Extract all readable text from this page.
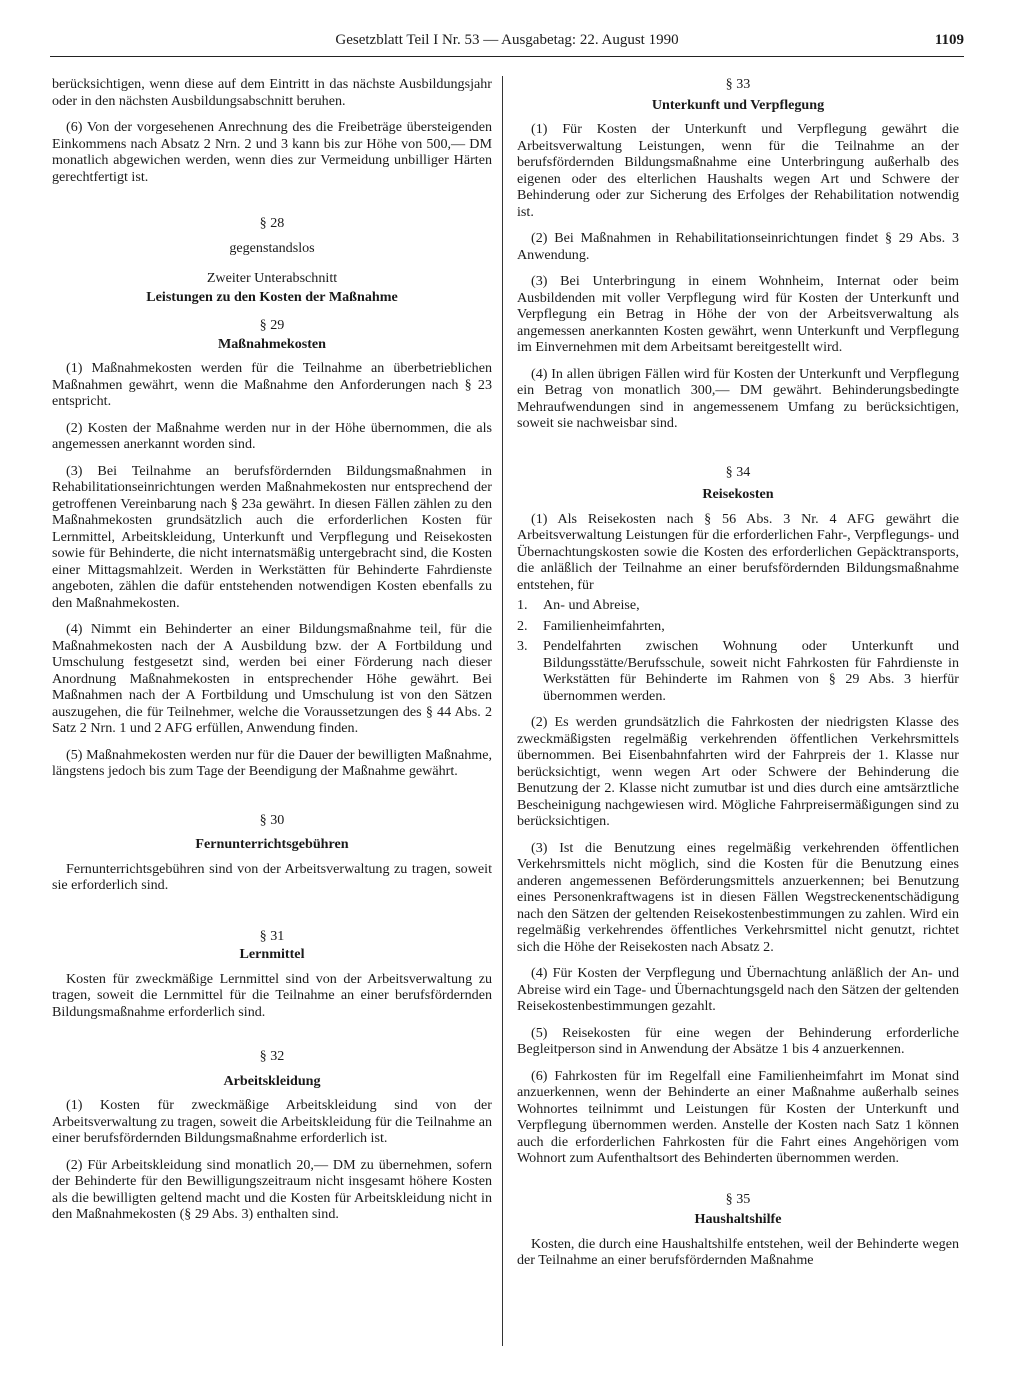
Gesetzblatt Teil I Nr. 53 — Ausgabetag: 22. August 1990	1109

berücksichtigen, wenn diese auf dem Eintritt in das nächste Ausbildungsjahr oder in den nächsten Ausbildungsabschnitt beruhen.

(6) Von der vorgesehenen Anrechnung des die Freibeträge übersteigenden Einkommens nach Absatz 2 Nrn. 2 und 3 kann bis zur Höhe von 500,— DM monatlich abgewichen werden, wenn dies zur Vermeidung unbilliger Härten gerechtfertigt ist.

§ 28
gegenstandslos
Zweiter Unterabschnitt
Leistungen zu den Kosten der Maßnahme
§ 29
Maßnahmekosten

(1) Maßnahmekosten werden für die Teilnahme an überbetrieblichen Maßnahmen gewährt, wenn die Maßnahme den Anforderungen nach § 23 entspricht.

(2) Kosten der Maßnahme werden nur in der Höhe übernommen, die als angemessen anerkannt worden sind.

(3) Bei Teilnahme an berufsfördernden Bildungsmaßnahmen in Rehabilitationseinrichtungen werden Maßnahmekosten nur entsprechend der getroffenen Vereinbarung nach § 23a gewährt. In diesen Fällen zählen zu den Maßnahmekosten grundsätzlich auch die erforderlichen Kosten für Lernmittel, Arbeitskleidung, Unterkunft und Verpflegung und Reisekosten sowie für Behinderte, die nicht internatsmäßig untergebracht sind, die Kosten einer Mittagsmahlzeit. Werden in Werkstätten für Behinderte Fahrdienste angeboten, zählen die dafür entstehenden notwendigen Kosten ebenfalls zu den Maßnahmekosten.

(4) Nimmt ein Behinderter an einer Bildungsmaßnahme teil, für die Maßnahmekosten nach der A Ausbildung bzw. der A Fortbildung und Umschulung festgesetzt sind, werden bei einer Förderung nach dieser Anordnung Maßnahmekosten in entsprechender Höhe gewährt. Bei Maßnahmen nach der A Fortbildung und Umschulung ist von den Sätzen auszugehen, die für Teilnehmer, welche die Voraussetzungen des § 44 Abs. 2 Satz 2 Nrn. 1 und 2 AFG erfüllen, Anwendung finden.

(5) Maßnahmekosten werden nur für die Dauer der bewilligten Maßnahme, längstens jedoch bis zum Tage der Beendigung der Maßnahme gewährt.

§ 30
Fernunterrichtsgebühren

Fernunterrichtsgebühren sind von der Arbeitsverwaltung zu tragen, soweit sie erforderlich sind.

§ 31
Lernmittel

Kosten für zweckmäßige Lernmittel sind von der Arbeitsverwaltung zu tragen, soweit die Lernmittel für die Teilnahme an einer berufsfördernden Bildungsmaßnahme erforderlich sind.

§ 32
Arbeitskleidung

(1) Kosten für zweckmäßige Arbeitskleidung sind von der Arbeitsverwaltung zu tragen, soweit die Arbeitskleidung für die Teilnahme an einer berufsfördernden Bildungsmaßnahme erforderlich ist.

(2) Für Arbeitskleidung sind monatlich 20,— DM zu übernehmen, sofern der Behinderte für den Bewilligungszeitraum nicht insgesamt höhere Kosten als die bewilligten geltend macht und die Kosten für Arbeitskleidung nicht in den Maßnahmekosten (§ 29 Abs. 3) enthalten sind.

§ 33
Unterkunft und Verpflegung

(1) Für Kosten der Unterkunft und Verpflegung gewährt die Arbeitsverwaltung Leistungen, wenn für die Teilnahme an der berufsfördernden Bildungsmaßnahme eine Unterbringung außerhalb des eigenen oder des elterlichen Haushalts wegen Art und Schwere der Behinderung oder zur Sicherung des Erfolges der Rehabilitation notwendig ist.

(2) Bei Maßnahmen in Rehabilitationseinrichtungen findet § 29 Abs. 3 Anwendung.

(3) Bei Unterbringung in einem Wohnheim, Internat oder beim Ausbildenden mit voller Verpflegung wird für Kosten der Unterkunft und Verpflegung ein Betrag in Höhe der von der Arbeitsverwaltung als angemessen anerkannten Kosten gewährt, wenn Unterkunft und Verpflegung im Einvernehmen mit dem Arbeitsamt bereitgestellt wird.

(4) In allen übrigen Fällen wird für Kosten der Unterkunft und Verpflegung ein Betrag von monatlich 300,— DM gewährt. Behinderungsbedingte Mehraufwendungen sind in angemessenem Umfang zu berücksichtigen, soweit sie nachweisbar sind.

§ 34
Reisekosten

(1) Als Reisekosten nach § 56 Abs. 3 Nr. 4 AFG gewährt die Arbeitsverwaltung Leistungen für die erforderlichen Fahr-, Verpflegungs- und Übernachtungskosten sowie die Kosten des erforderlichen Gepäcktransports, die anläßlich der Teilnahme an einer berufsfördernden Bildungsmaßnahme entstehen, für

1.	An- und Abreise,
2.	Familienheimfahrten,
3.	Pendelfahrten zwischen Wohnung oder Unterkunft und Bildungsstätte/Berufsschule, soweit nicht Fahrkosten für Fahrdienste in Werkstätten für Behinderte im Rahmen von § 29 Abs. 3 hierfür übernommen werden.

(2) Es werden grundsätzlich die Fahrkosten der niedrigsten Klasse des zweckmäßigsten regelmäßig verkehrenden öffentlichen Verkehrsmittels übernommen. Bei Eisenbahnfahrten wird der Fahrpreis der 1. Klasse nur berücksichtigt, wenn wegen Art oder Schwere der Behinderung die Benutzung der 2. Klasse nicht zumutbar ist und dies durch eine amtsärztliche Bescheinigung nachgewiesen wird. Mögliche Fahrpreisermäßigungen sind zu berücksichtigen.

(3) Ist die Benutzung eines regelmäßig verkehrenden öffentlichen Verkehrsmittels nicht möglich, sind die Kosten für die Benutzung eines anderen angemessenen Beförderungsmittels anzuerkennen; bei Benutzung eines Personenkraftwagens ist in diesen Fällen Wegstreckenentschädigung nach den Sätzen der geltenden Reisekostenbestimmungen zu zahlen. Wird ein regelmäßig verkehrendes öffentliches Verkehrsmittel nicht genutzt, richtet sich die Höhe der Reisekosten nach Absatz 2.

(4) Für Kosten der Verpflegung und Übernachtung anläßlich der An- und Abreise wird ein Tage- und Übernachtungsgeld nach den Sätzen der geltenden Reisekostenbestimmungen gezahlt.

(5) Reisekosten für eine wegen der Behinderung erforderliche Begleitperson sind in Anwendung der Absätze 1 bis 4 anzuerkennen.

(6) Fahrkosten für im Regelfall eine Familienheimfahrt im Monat sind anzuerkennen, wenn der Behinderte an einer Maßnahme außerhalb seines Wohnortes teilnimmt und Leistungen für Kosten der Unterkunft und Verpflegung übernommen werden. Anstelle der Kosten nach Satz 1 können auch die erforderlichen Fahrkosten für die Fahrt eines Angehörigen vom Wohnort zum Aufenthaltsort des Behinderten übernommen werden.

§ 35
Haushaltshilfe

Kosten, die durch eine Haushaltshilfe entstehen, weil der Behinderte wegen der Teilnahme an einer berufsfördernden Maßnahme
